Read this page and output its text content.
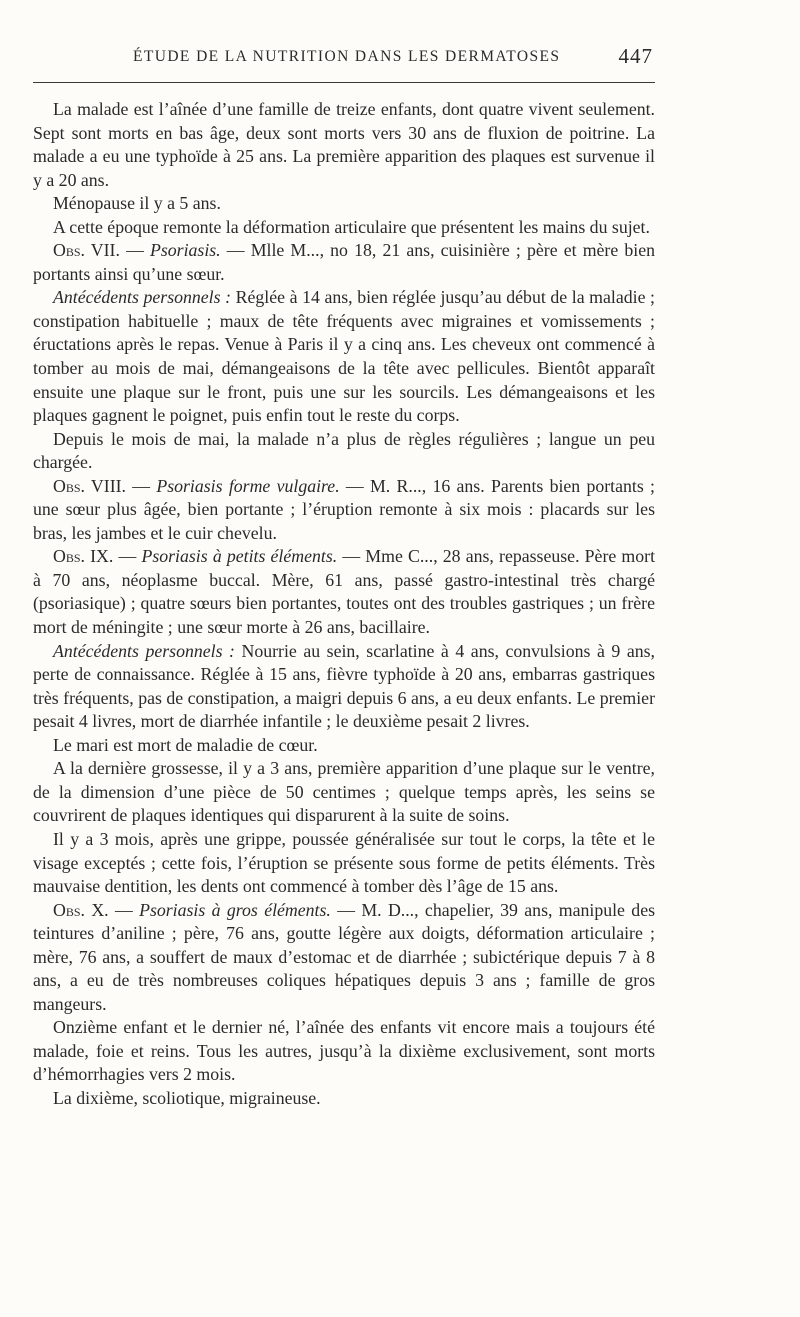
ÉTUDE DE LA NUTRITION DANS LES DERMATOSES	447

La malade est l’aînée d’une famille de treize enfants, dont quatre vivent seulement. Sept sont morts en bas âge, deux sont morts vers 30 ans de fluxion de poitrine. La malade a eu une typhoïde à 25 ans. La première apparition des plaques est survenue il y a 20 ans.

Ménopause il y a 5 ans.

A cette époque remonte la déformation articulaire que présentent les mains du sujet.

Obs. VII. — Psoriasis. — Mlle M..., no 18, 21 ans, cuisinière ; père et mère bien portants ainsi qu’une sœur.

Antécédents personnels : Réglée à 14 ans, bien réglée jusqu’au début de la maladie ; constipation habituelle ; maux de tête fréquents avec migraines et vomissements ; éructations après le repas. Venue à Paris il y a cinq ans. Les cheveux ont commencé à tomber au mois de mai, démangeaisons de la tête avec pellicules. Bientôt apparaît ensuite une plaque sur le front, puis une sur les sourcils. Les démangeaisons et les plaques gagnent le poignet, puis enfin tout le reste du corps.

Depuis le mois de mai, la malade n’a plus de règles régulières ; langue un peu chargée.

Obs. VIII. — Psoriasis forme vulgaire. — M. R..., 16 ans. Parents bien portants ; une sœur plus âgée, bien portante ; l’éruption remonte à six mois : placards sur les bras, les jambes et le cuir chevelu.

Obs. IX. — Psoriasis à petits éléments. — Mme C..., 28 ans, repasseuse. Père mort à 70 ans, néoplasme buccal. Mère, 61 ans, passé gastro-intestinal très chargé (psoriasique) ; quatre sœurs bien portantes, toutes ont des troubles gastriques ; un frère mort de méningite ; une sœur morte à 26 ans, bacillaire.

Antécédents personnels : Nourrie au sein, scarlatine à 4 ans, convulsions à 9 ans, perte de connaissance. Réglée à 15 ans, fièvre typhoïde à 20 ans, embarras gastriques très fréquents, pas de constipation, a maigri depuis 6 ans, a eu deux enfants. Le premier pesait 4 livres, mort de diarrhée infantile ; le deuxième pesait 2 livres.

Le mari est mort de maladie de cœur.

A la dernière grossesse, il y a 3 ans, première apparition d’une plaque sur le ventre, de la dimension d’une pièce de 50 centimes ; quelque temps après, les seins se couvrirent de plaques identiques qui disparurent à la suite de soins.

Il y a 3 mois, après une grippe, poussée généralisée sur tout le corps, la tête et le visage exceptés ; cette fois, l’éruption se présente sous forme de petits éléments. Très mauvaise dentition, les dents ont commencé à tomber dès l’âge de 15 ans.

Obs. X. — Psoriasis à gros éléments. — M. D..., chapelier, 39 ans, manipule des teintures d’aniline ; père, 76 ans, goutte légère aux doigts, déformation articulaire ; mère, 76 ans, a souffert de maux d’estomac et de diarrhée ; subictérique depuis 7 à 8 ans, a eu de très nombreuses coliques hépatiques depuis 3 ans ; famille de gros mangeurs.

Onzième enfant et le dernier né, l’aînée des enfants vit encore mais a toujours été malade, foie et reins. Tous les autres, jusqu’à la dixième exclusivement, sont morts d’hémorrhagies vers 2 mois.

La dixième, scoliotique, migraineuse.
